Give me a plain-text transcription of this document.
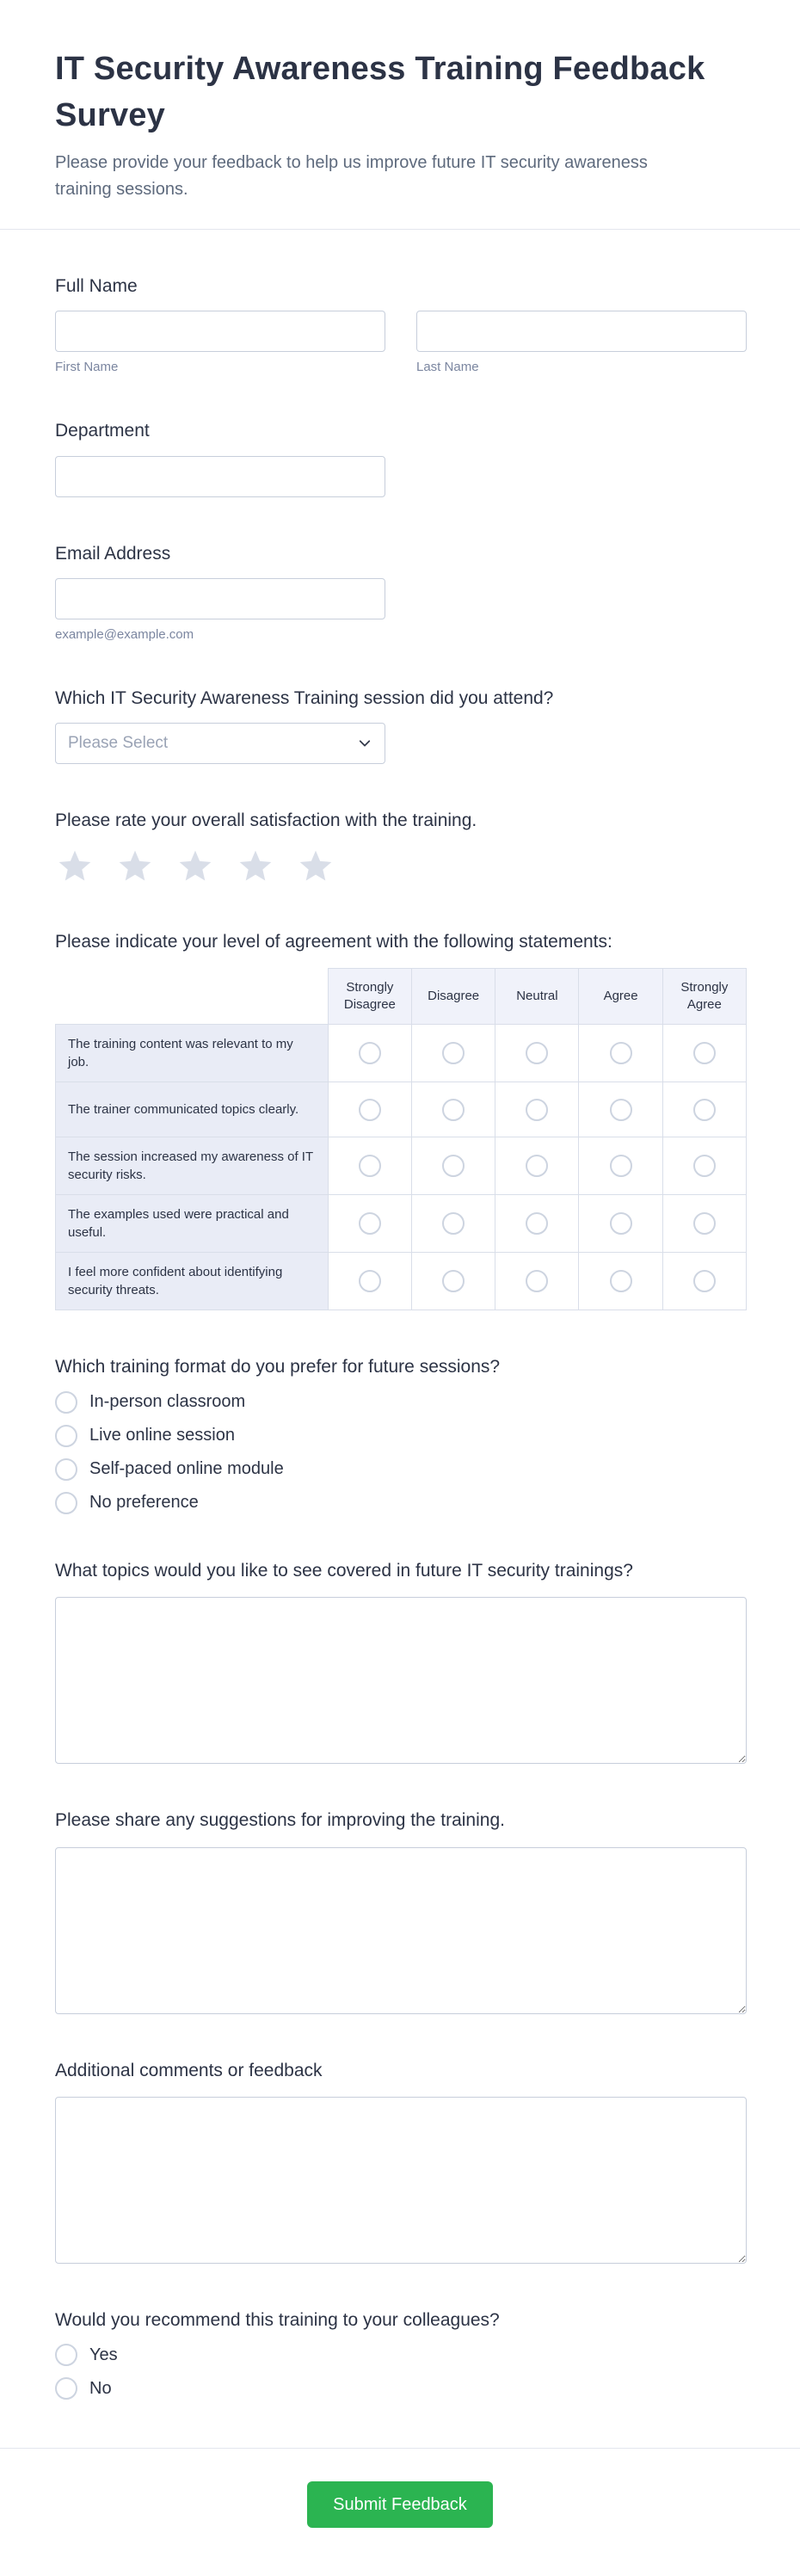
IT Security Awareness Training Feedback Survey
Please provide your feedback to help us improve future IT security awareness training sessions.
Full Name
First Name	Last Name
Department
Email Address
example@example.com
Which IT Security Awareness Training session did you attend?
Please Select
Please rate your overall satisfaction with the training.
Please indicate your level of agreement with the following statements:
	Strongly Disagree	Disagree	Neutral	Agree	Strongly Agree
The training content was relevant to my job.					
The trainer communicated topics clearly.					
The session increased my awareness of IT security risks.					
The examples used were practical and useful.					
I feel more confident about identifying security threats.					
Which training format do you prefer for future sessions?
In-person classroom
Live online session
Self-paced online module
No preference
What topics would you like to see covered in future IT security trainings?
Please share any suggestions for improving the training.
Additional comments or feedback
Would you recommend this training to your colleagues?
Yes
No
Submit Feedback
